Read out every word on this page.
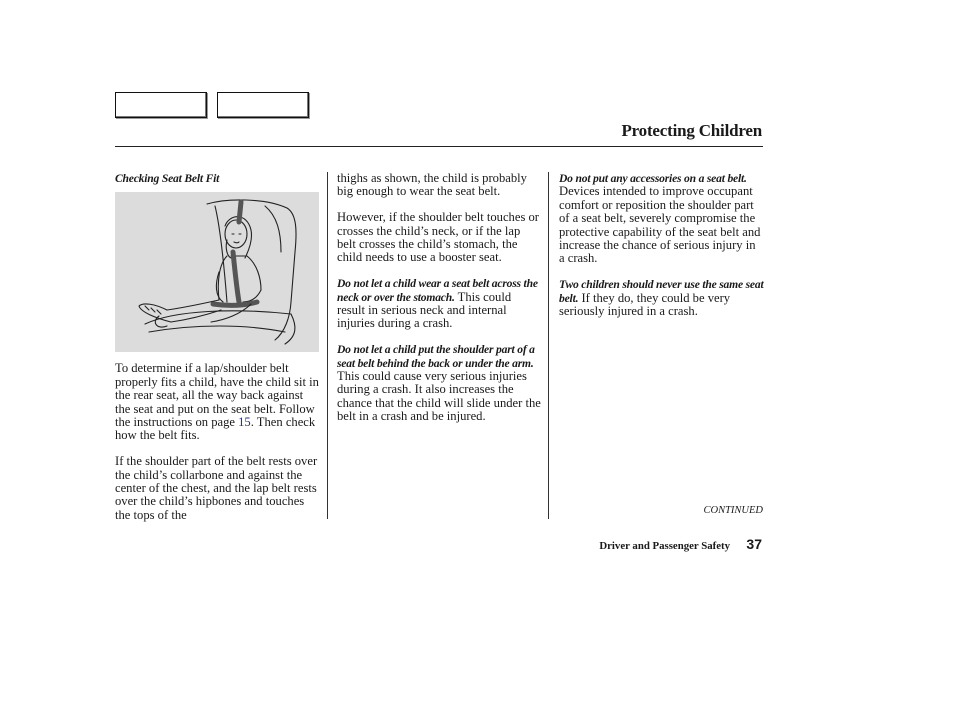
Protecting Children
Checking Seat Belt Fit

To determine if a lap/shoulder belt properly fits a child, have the child sit in the rear seat, all the way back against the seat and put on the seat belt. Follow the instructions on page 15. Then check how the belt fits.

If the shoulder part of the belt rests over the child’s collarbone and against the center of the chest, and the lap belt rests over the child’s hipbones and touches the tops of the

thighs as shown, the child is probably big enough to wear the seat belt.

However, if the shoulder belt touches or crosses the child’s neck, or if the lap belt crosses the child’s stomach, the child needs to use a booster seat.

Do not let a child wear a seat belt across the neck or over the stomach. This could result in serious neck and internal injuries during a crash.

Do not let a child put the shoulder part of a seat belt behind the back or under the arm. This could cause very serious injuries during a crash. It also increases the chance that the child will slide under the belt in a crash and be injured.

Do not put any accessories on a seat belt. Devices intended to improve occupant comfort or reposition the shoulder part of a seat belt, severely compromise the protective capability of the seat belt and increase the chance of serious injury in a crash.

Two children should never use the same seat belt. If they do, they could be very seriously injured in a crash.

CONTINUED
Driver and Passenger Safety 37
